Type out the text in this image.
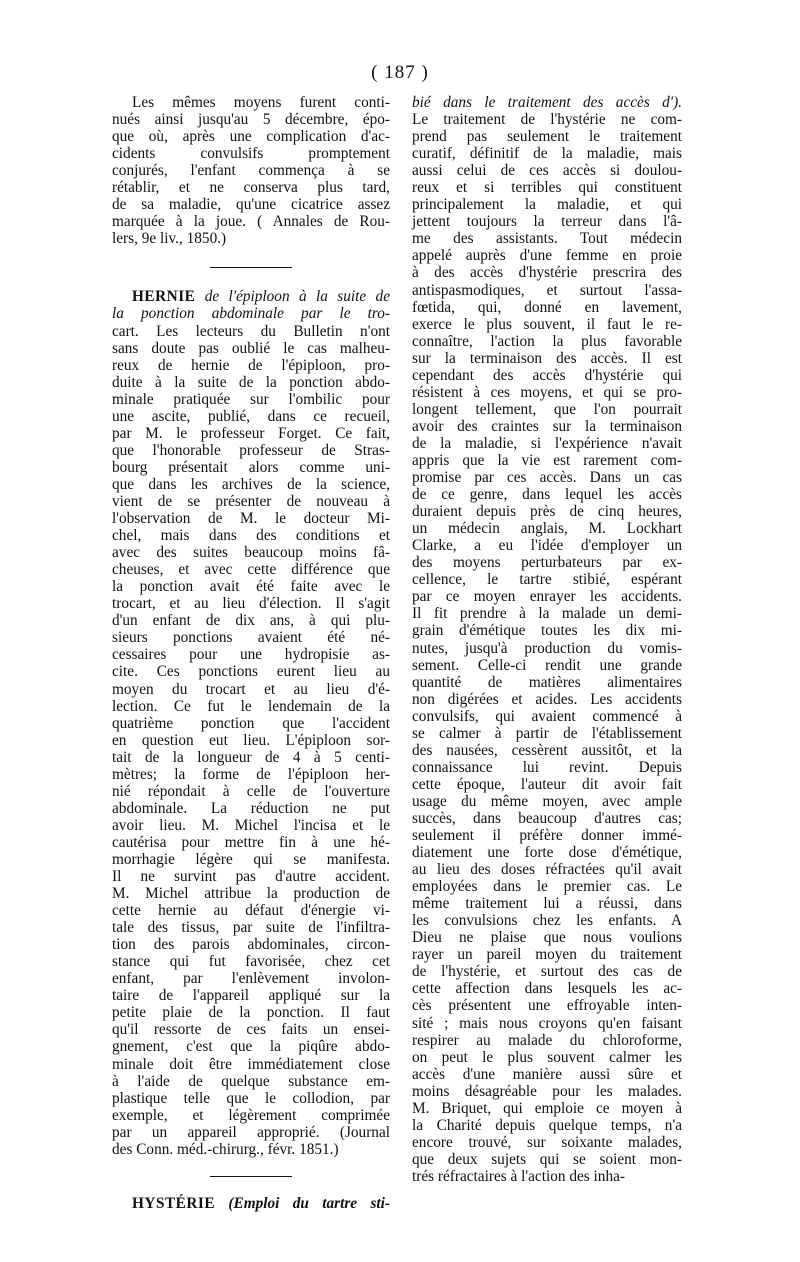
( 187 )
Les mêmes moyens furent conti-
nués ainsi jusqu'au 5 décembre, épo-
que où, après une complication d'ac-
cidents convulsifs promptement
conjurés, l'enfant commença à se
rétablir, et ne conserva plus tard,
de sa maladie, qu'une cicatrice assez
marquée à la joue. ( Annales de Rou-
lers, 9e liv., 1850.)
HERNIE de l'épiploon à la suite de
la ponction abdominale par le tro-
cart. Les lecteurs du Bulletin n'ont
sans doute pas oublié le cas malheu-
reux de hernie de l'épiploon, pro-
duite à la suite de la ponction abdo-
minale pratiquée sur l'ombilic pour
une ascite, publié, dans ce recueil,
par M. le professeur Forget. Ce fait,
que l'honorable professeur de Stras-
bourg présentait alors comme uni-
que dans les archives de la science,
vient de se présenter de nouveau à
l'observation de M. le docteur Mi-
chel, mais dans des conditions et
avec des suites beaucoup moins fâ-
cheuses, et avec cette différence que
la ponction avait été faite avec le
trocart, et au lieu d'élection. Il s'agit
d'un enfant de dix ans, à qui plu-
sieurs ponctions avaient été né-
cessaires pour une hydropisie as-
cite. Ces ponctions eurent lieu au
moyen du trocart et au lieu d'é-
lection. Ce fut le lendemain de la
quatrième ponction que l'accident
en question eut lieu. L'épiploon sor-
tait de la longueur de 4 à 5 centi-
mètres; la forme de l'épiploon her-
nié répondait à celle de l'ouverture
abdominale. La réduction ne put
avoir lieu. M. Michel l'incisa et le
cautérisa pour mettre fin à une hé-
morrhagie légère qui se manifesta.
Il ne survint pas d'autre accident.
M. Michel attribue la production de
cette hernie au défaut d'énergie vi-
tale des tissus, par suite de l'infiltra-
tion des parois abdominales, circon-
stance qui fut favorisée, chez cet
enfant, par l'enlèvement involon-
taire de l'appareil appliqué sur la
petite plaie de la ponction. Il faut
qu'il ressorte de ces faits un ensei-
gnement, c'est que la piqûre abdo-
minale doit être immédiatement close
à l'aide de quelque substance em-
plastique telle que le collodion, par
exemple, et légèrement comprimée
par un appareil approprié. (Journal
des Conn. méd.-chirurg., févr. 1851.)
HYSTÉRIE (Emploi du tartre sti-
bié dans le traitement des accès d').
Le traitement de l'hystérie ne com-
prend pas seulement le traitement
curatif, définitif de la maladie, mais
aussi celui de ces accès si doulou-
reux et si terribles qui constituent
principalement la maladie, et qui
jettent toujours la terreur dans l'â-
me des assistants. Tout médecin
appelé auprès d'une femme en proie
à des accès d'hystérie prescrira des
antispasmodiques, et surtout l'assa-
fœtida, qui, donné en lavement,
exerce le plus souvent, il faut le re-
connaître, l'action la plus favorable
sur la terminaison des accès. Il est
cependant des accès d'hystérie qui
résistent à ces moyens, et qui se pro-
longent tellement, que l'on pourrait
avoir des craintes sur la terminaison
de la maladie, si l'expérience n'avait
appris que la vie est rarement com-
promise par ces accès. Dans un cas
de ce genre, dans lequel les accès
duraient depuis près de cinq heures,
un médecin anglais, M. Lockhart
Clarke, a eu l'idée d'employer un
des moyens perturbateurs par ex-
cellence, le tartre stibié, espérant
par ce moyen enrayer les accidents.
Il fit prendre à la malade un demi-
grain d'émétique toutes les dix mi-
nutes, jusqu'à production du vomis-
sement. Celle-ci rendit une grande
quantité de matières alimentaires
non digérées et acides. Les accidents
convulsifs, qui avaient commencé à
se calmer à partir de l'établissement
des nausées, cessèrent aussitôt, et la
connaissance lui revint. Depuis
cette époque, l'auteur dit avoir fait
usage du même moyen, avec ample
succès, dans beaucoup d'autres cas;
seulement il préfère donner immé-
diatement une forte dose d'émétique,
au lieu des doses réfractées qu'il avait
employées dans le premier cas. Le
même traitement lui a réussi, dans
les convulsions chez les enfants. A
Dieu ne plaise que nous voulions
rayer un pareil moyen du traitement
de l'hystérie, et surtout des cas de
cette affection dans lesquels les ac-
cès présentent une effroyable inten-
sité ; mais nous croyons qu'en faisant
respirer au malade du chloroforme,
on peut le plus souvent calmer les
accès d'une manière aussi sûre et
moins désagréable pour les malades.
M. Briquet, qui emploie ce moyen à
la Charité depuis quelque temps, n'a
encore trouvé, sur soixante malades,
que deux sujets qui se soient mon-
trés réfractaires à l'action des inha-
